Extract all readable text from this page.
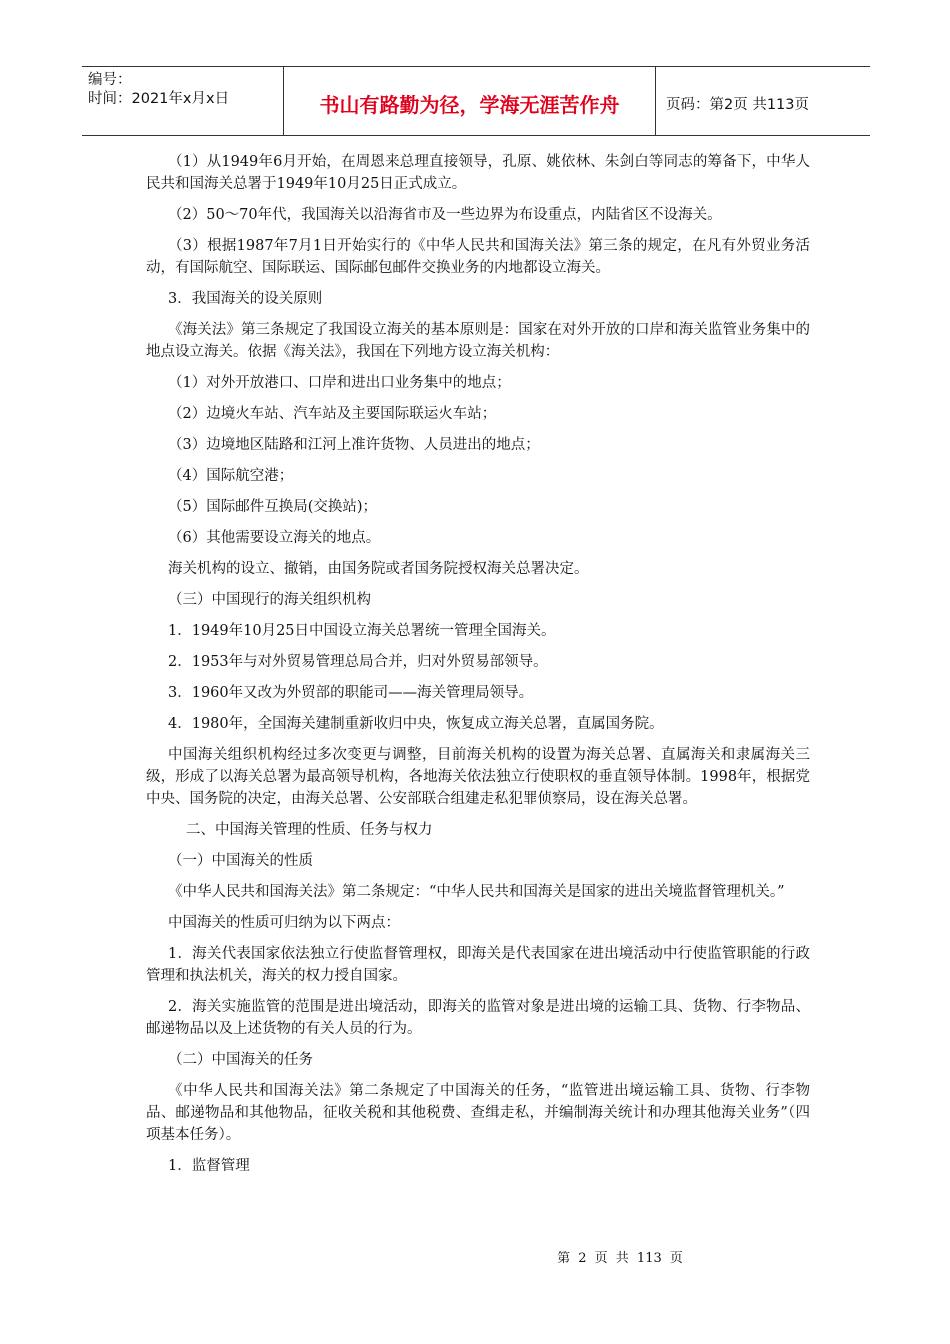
编号：
时间：2021年x月x日	书山有路勤为径，学海无涯苦作舟	页码：第2页 共113页

（1）从1949年6月开始，在周恩来总理直接领导，孔原、姚依林、朱剑白等同志的筹备下，中华人民共和国海关总署于1949年10月25日正式成立。

（2）50～70年代，我国海关以沿海省市及一些边界为布设重点，内陆省区不设海关。

（3）根据1987年7月1日开始实行的《中华人民共和国海关法》第三条的规定，在凡有外贸业务活动，有国际航空、国际联运、国际邮包邮件交换业务的内地都设立海关。

3．我国海关的设关原则

《海关法》第三条规定了我国设立海关的基本原则是：国家在对外开放的口岸和海关监管业务集中的地点设立海关。依据《海关法》，我国在下列地方设立海关机构：

（1）对外开放港口、口岸和进出口业务集中的地点；

（2）边境火车站、汽车站及主要国际联运火车站；

（3）边境地区陆路和江河上准许货物、人员进出的地点；

（4）国际航空港；

（5）国际邮件互换局(交换站)；

（6）其他需要设立海关的地点。

海关机构的设立、撤销，由国务院或者国务院授权海关总署决定。

（三）中国现行的海关组织机构

1．1949年10月25日中国设立海关总署统一管理全国海关。

2．1953年与对外贸易管理总局合并，归对外贸易部领导。

3．1960年又改为外贸部的职能司——海关管理局领导。

4．1980年，全国海关建制重新收归中央，恢复成立海关总署，直属国务院。

中国海关组织机构经过多次变更与调整，目前海关机构的设置为海关总署、直属海关和隶属海关三级，形成了以海关总署为最高领导机构，各地海关依法独立行使职权的垂直领导体制。1998年，根据党中央、国务院的决定，由海关总署、公安部联合组建走私犯罪侦察局，设在海关总署。

二、中国海关管理的性质、任务与权力

（一）中国海关的性质

《中华人民共和国海关法》第二条规定：“中华人民共和国海关是国家的进出关境监督管理机关。”

中国海关的性质可归纳为以下两点：

1．海关代表国家依法独立行使监督管理权，即海关是代表国家在进出境活动中行使监管职能的行政管理和执法机关，海关的权力授自国家。

2．海关实施监管的范围是进出境活动，即海关的监管对象是进出境的运输工具、货物、行李物品、邮递物品以及上述货物的有关人员的行为。

（二）中国海关的任务

《中华人民共和国海关法》第二条规定了中国海关的任务，“监管进出境运输工具、货物、行李物品、邮递物品和其他物品，征收关税和其他税费、查缉走私，并编制海关统计和办理其他海关业务”（四项基本任务）。

1．监督管理

第 2 页 共 113 页
